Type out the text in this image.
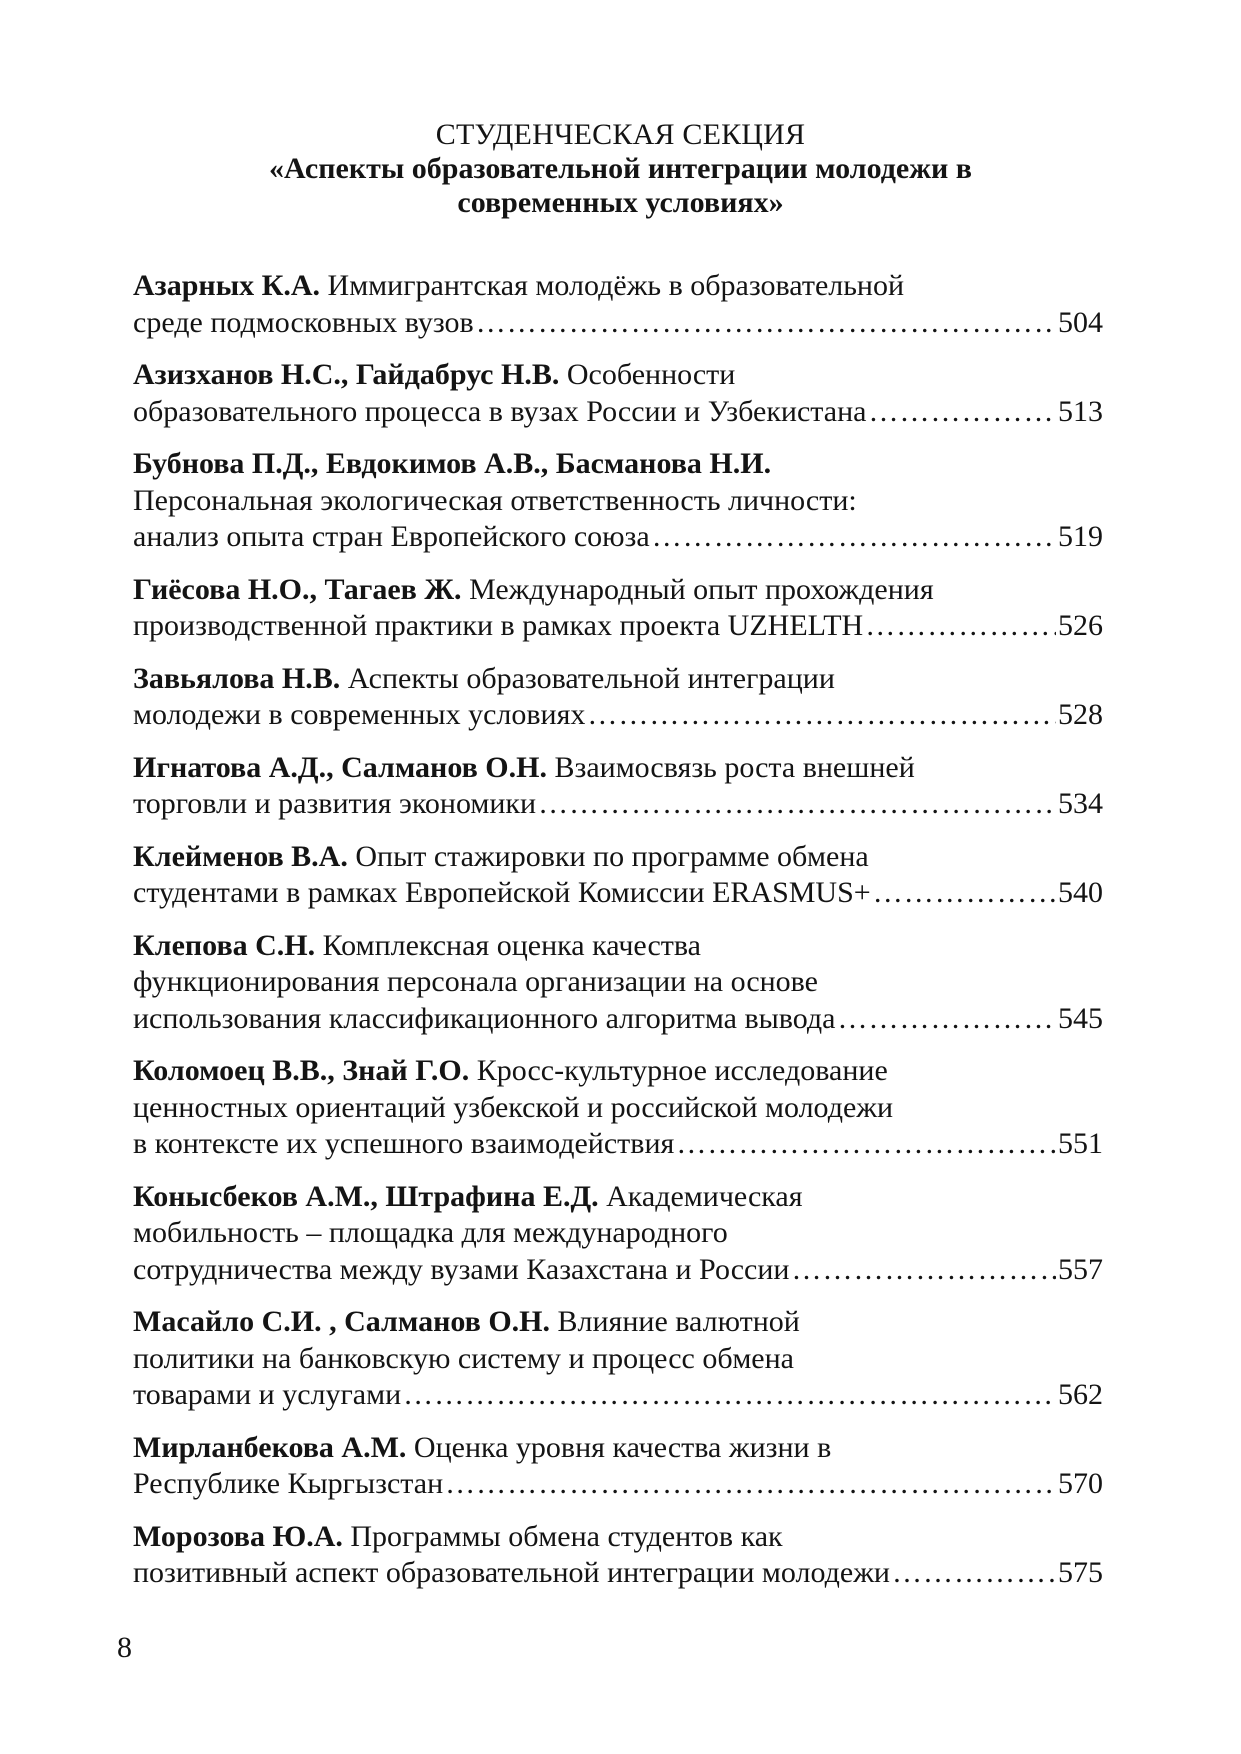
СТУДЕНЧЕСКАЯ СЕКЦИЯ
«Аспекты образовательной интеграции молодежи в
современных условиях»
Азарных К.А. Иммигрантская молодёжь в образовательной
среде подмосковных вузов ………………………………………………………………………………………………………………………………………………………………………………	504
Азизханов Н.С., Гайдабрус Н.В. Особенности
образовательного процесса в вузах России и Узбекистана ………………………………………………………………………………………………………………………………………………………………………………	513
Бубнова П.Д., Евдокимов А.В., Басманова Н.И.
Персональная экологическая ответственность личности:
анализ опыта стран Европейского союза ………………………………………………………………………………………………………………………………………………………………………………	519
Гиёсова Н.О., Тагаев Ж. Международный опыт прохождения
производственной практики в рамках проекта UZHELTH ………………………………………………………………………………………………………………………………………………………………………………	526
Завьялова Н.В. Аспекты образовательной интеграции
молодежи в современных условиях ………………………………………………………………………………………………………………………………………………………………………………	528
Игнатова А.Д., Салманов О.Н. Взаимосвязь роста внешней
торговли и развития экономики ………………………………………………………………………………………………………………………………………………………………………………	534
Клейменов В.А. Опыт стажировки по программе обмена
студентами в рамках Европейской Комиссии ERASMUS+ ………………………………………………………………………………………………………………………………………………………………………………	540
Клепова С.Н. Комплексная оценка качества
функционирования персонала организации на основе
использования классификационного алгоритма вывода ………………………………………………………………………………………………………………………………………………………………………………	545
Коломоец В.В., Знай Г.О. Кросс-культурное исследование
ценностных ориентаций узбекской и российской молодежи
в контексте их успешного взаимодействия ………………………………………………………………………………………………………………………………………………………………………………	551
Конысбеков А.М., Штрафина Е.Д. Академическая
мобильность – площадка для международного
сотрудничества между вузами Казахстана и России ………………………………………………………………………………………………………………………………………………………………………………	557
Масайло С.И. , Салманов О.Н. Влияние валютной
политики на банковскую систему и процесс обмена
товарами и услугами ………………………………………………………………………………………………………………………………………………………………………………	562
Мирланбекова А.М. Оценка уровня качества жизни в
Республике Кыргызстан ………………………………………………………………………………………………………………………………………………………………………………	570
Морозова Ю.А. Программы обмена студентов как
позитивный аспект образовательной интеграции молодежи ………………………………………………………………………………………………………………………………………………………………………………	575
8
